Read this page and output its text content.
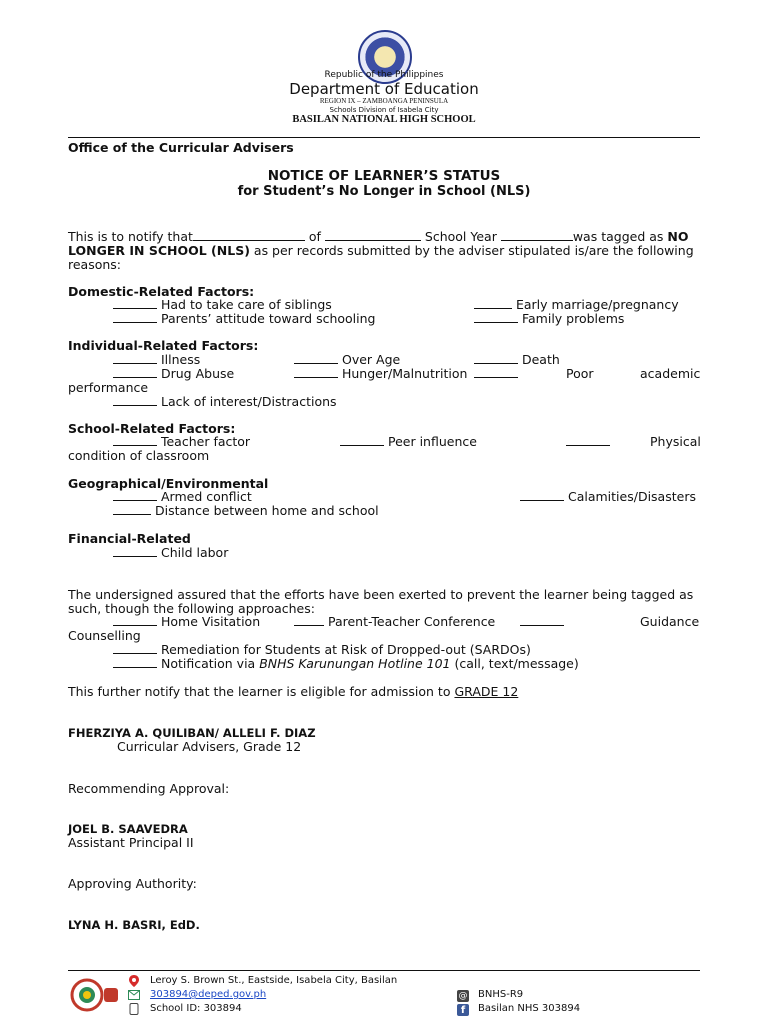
Republic of the Philippines
Department of Education
REGION IX – ZAMBOANGA PENINSULA
Schools Division of Isabela City
BASILAN NATIONAL HIGH SCHOOL
Office of the Curricular Advisers
NOTICE OF LEARNER’S STATUS
for Student’s No Longer in School (NLS)
This is to notify that	of	School Year	was tagged as NO
LONGER IN SCHOOL (NLS) as per records submitted by the adviser stipulated is/are the following
reasons:
Domestic-Related Factors:
Had to take care of siblings	Early marriage/pregnancy
Parents’ attitude toward schooling	Family problems
Individual-Related Factors:
Illness	Over Age	Death
Drug Abuse	Hunger/Malnutrition	Poor	academic
performance
Lack of interest/Distractions
School-Related Factors:
Teacher factor	Peer influence	Physical
condition of classroom
Geographical/Environmental
Armed conflict	Calamities/Disasters
Distance between home and school
Financial-Related
Child labor
The undersigned assured that the efforts have been exerted to prevent the learner being tagged as
such, though the following approaches:
Home Visitation	Parent-Teacher Conference	Guidance
Counselling
Remediation for Students at Risk of Dropped-out (SARDOs)
Notification via BNHS Karunungan Hotline 101 (call, text/message)
This further notify that the learner is eligible for admission to GRADE 12
FHERZIYA A. QUILIBAN/ ALLELI F. DIAZ
Curricular Advisers, Grade 12
Recommending Approval:
JOEL B. SAAVEDRA
Assistant Principal II
Approving Authority:
LYNA H. BASRI, EdD.
Leroy S. Brown St., Eastside, Isabela City, Basilan
303894@deped.gov.ph
School ID: 303894
@ BNHS-R9
f	Basilan NHS 303894
